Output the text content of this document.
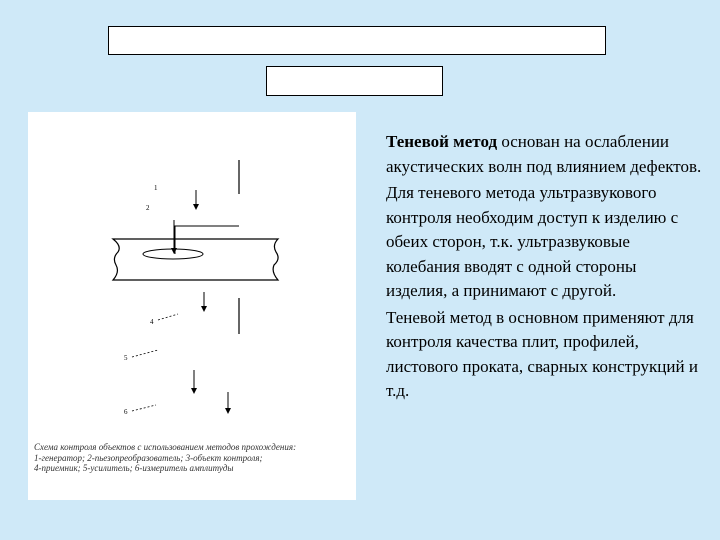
1
2
4
5
6
Схема контроля объектов с использованием методов прохождения:
1-генератор; 2-пьезопреобразователь; 3-объект контроля;
4-приемник; 5-усилитель; 6-измеритель амплитуды

Теневой метод основан на ослаблении акустических волн под влиянием дефектов.

Для теневого метода ультразвукового контроля необходим доступ к изделию с обеих сторон, т.к. ультразвуковые колебания вводят с одной стороны изделия, а принимают с другой.

Теневой метод в основном применяют для контроля качества плит, профилей, листового проката, сварных конструкций и т.д.
